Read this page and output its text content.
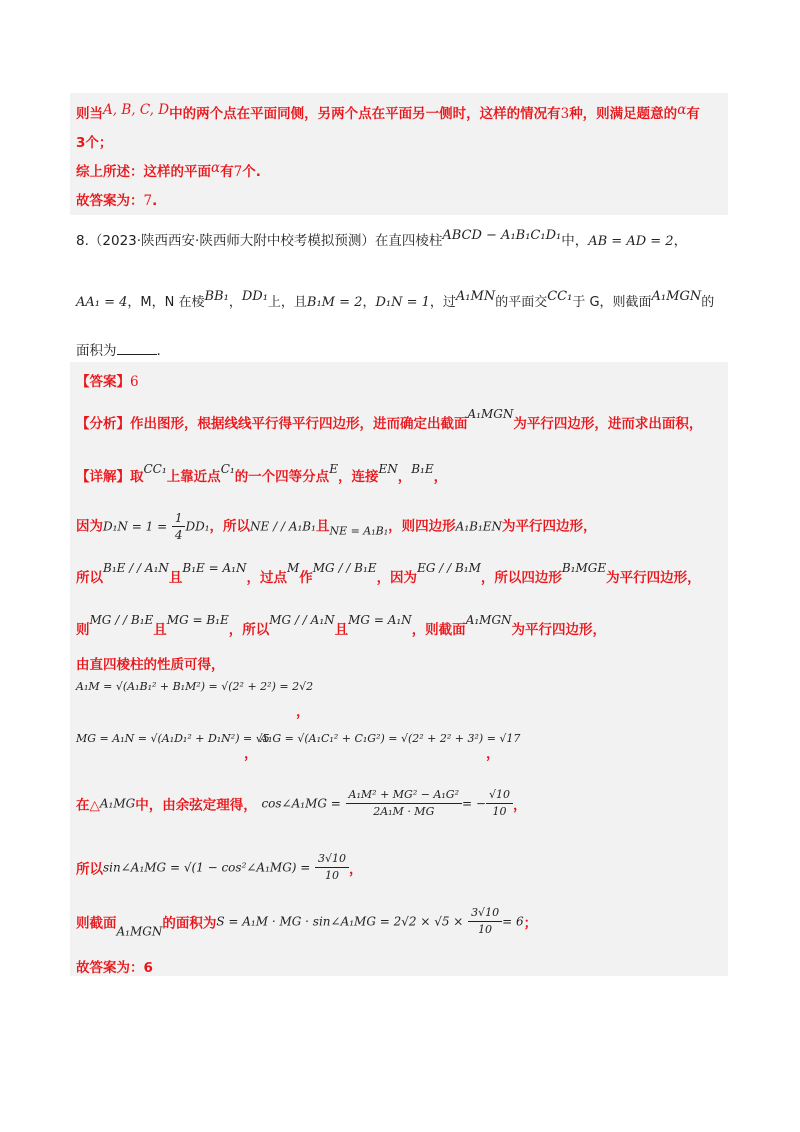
则当A, B, C, D中的两个点在平面同侧，另两个点在平面另一侧时，这样的情况有3种，则满足题意的α有
3个；
综上所述：这样的平面α有7个.
故答案为：7.
8.（2023·陕西西安·陕西师大附中校考模拟预测）在直四棱柱ABCD − A₁B₁C₁D₁中，AB = AD = 2，
AA₁ = 4，M，N 在棱BB₁，DD₁上，且B₁M = 2，D₁N = 1，过A₁MN的平面交CC₁于 G，则截面A₁MGN的
面积为	.
【答案】6
【分析】作出图形，根据线线平行得平行四边形，进而确定出截面A₁MGN为平行四边形，进而求出面积，
【详解】取CC₁上靠近点C₁的一个四等分点E，连接EN，B₁E，
因为$D_1N = 1 = \frac{1}{4} DD_1$，所以NE / / A₁B₁且$_{NE = A_1B_1}$，则四边形A₁B₁EN为平行四边形，
所以B₁E / / A₁N且B₁E = A₁N，过点M作MG / / B₁E，因为EG / / B₁M，所以四边形B₁MGE为平行四边形，
则MG / / B₁E且MG = B₁E，所以MG / / A₁N且MG = A₁N，则截面A₁MGN为平行四边形，
由直四棱柱的性质可得，
A₁M = √(A₁B₁² + B₁M²) = √(2² + 2²) = 2√2
，
MG = A₁N = √(A₁D₁² + D₁N²) = √5
，
A₁G = √(A₁C₁² + C₁G²) = √(2² + 2² + 3²) = √17
，
在△A₁MG中，由余弦定理得， cos∠A₁MG = $\frac{\text{A₁M² + MG² − A₁G²}}{\text{2A₁M · MG}}$ = − $\frac{√10}{10}$ ，
所以sin∠A₁MG = √(1 − cos²∠A₁MG) = $\frac{3√10}{10}$ ，
则截面A₁MGN的面积为S = A₁M · MG · sin∠A₁MG = $2√2 \times √5 \times \frac{3√10}{10} = 6$；
故答案为：6
